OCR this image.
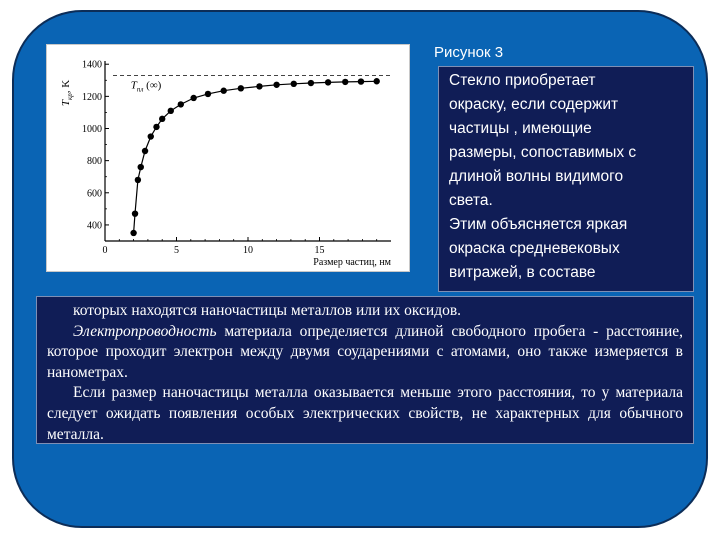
0	5	10	15
400
600
800
1000
1200
1400
$T_{кр}$, K	$T_{пл}$ (∞)
Размер частиц, нм
Рисунок 3

Стекло приобретает

окраску, если содержит

частицы , имеющие

размеры, сопоставимых с

длиной волны видимого

света.

Этим объясняется яркая

окраска средневековых

витражей, в составе

которых находятся наночастицы металлов или их оксидов.

Электропроводность материала определяется длиной свободного пробега - расстояние, которое проходит электрон между двумя соударениями с атомами, оно также измеряется в нанометрах.

Если размер наночастицы металла оказывается меньше этого расстояния, то у материала следует ожидать появления особых электрических свойств, не характерных для обычного металла.
